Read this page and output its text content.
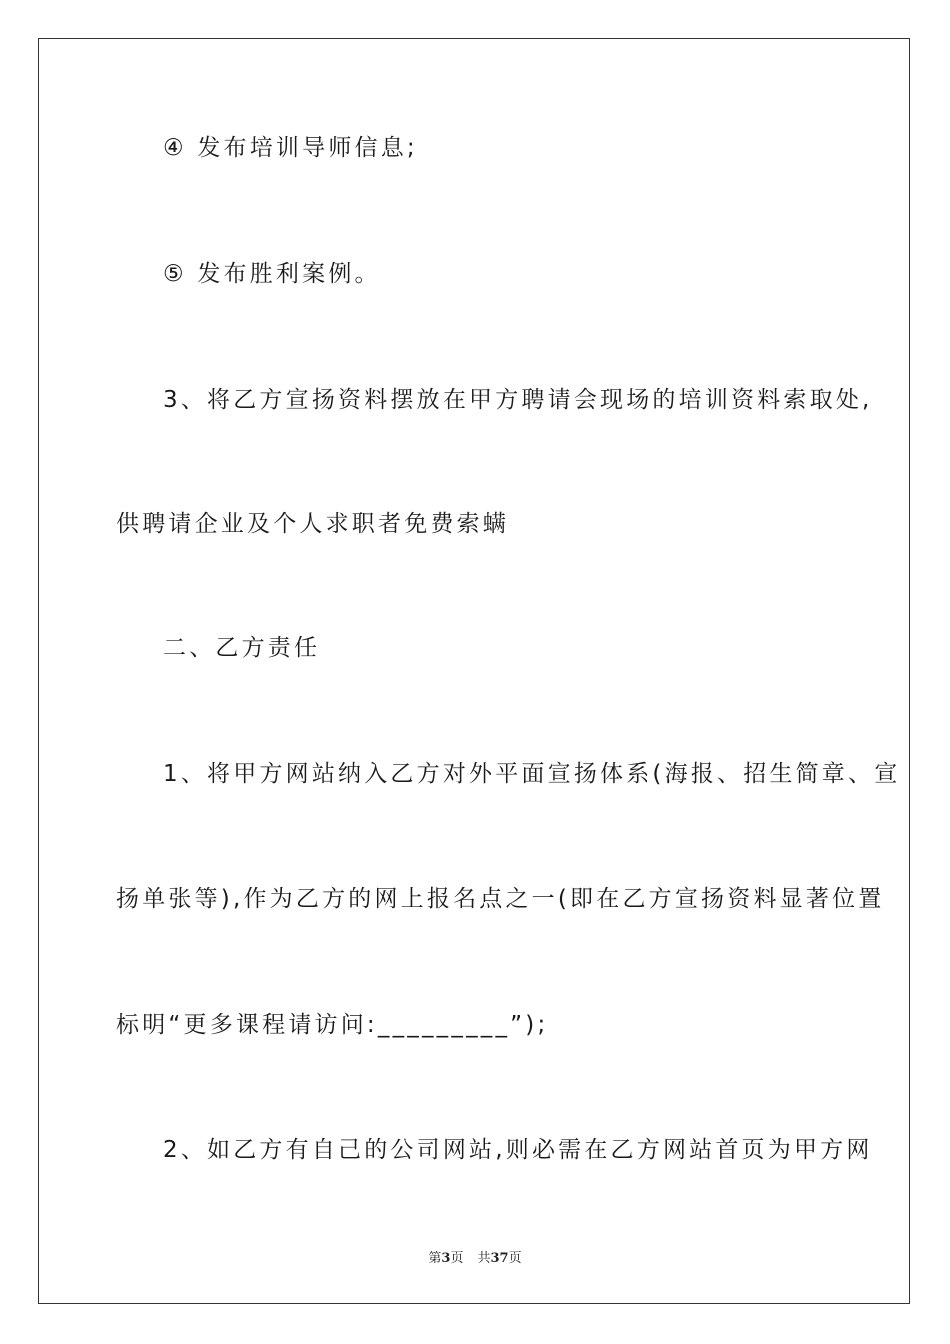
④ 发布培训导师信息;
⑤ 发布胜利案例。
3、将乙方宣扬资料摆放在甲方聘请会现场的培训资料索取处,
供聘请企业及个人求职者免费索螨
二、乙方责任
1、将甲方网站纳入乙方对外平面宣扬体系(海报、招生简章、宣
扬单张等),作为乙方的网上报名点之一(即在乙方宣扬资料显著位置
标明“更多课程请访问:_________”);
2、如乙方有自己的公司网站,则必需在乙方网站首页为甲方网
第3页 共37页
